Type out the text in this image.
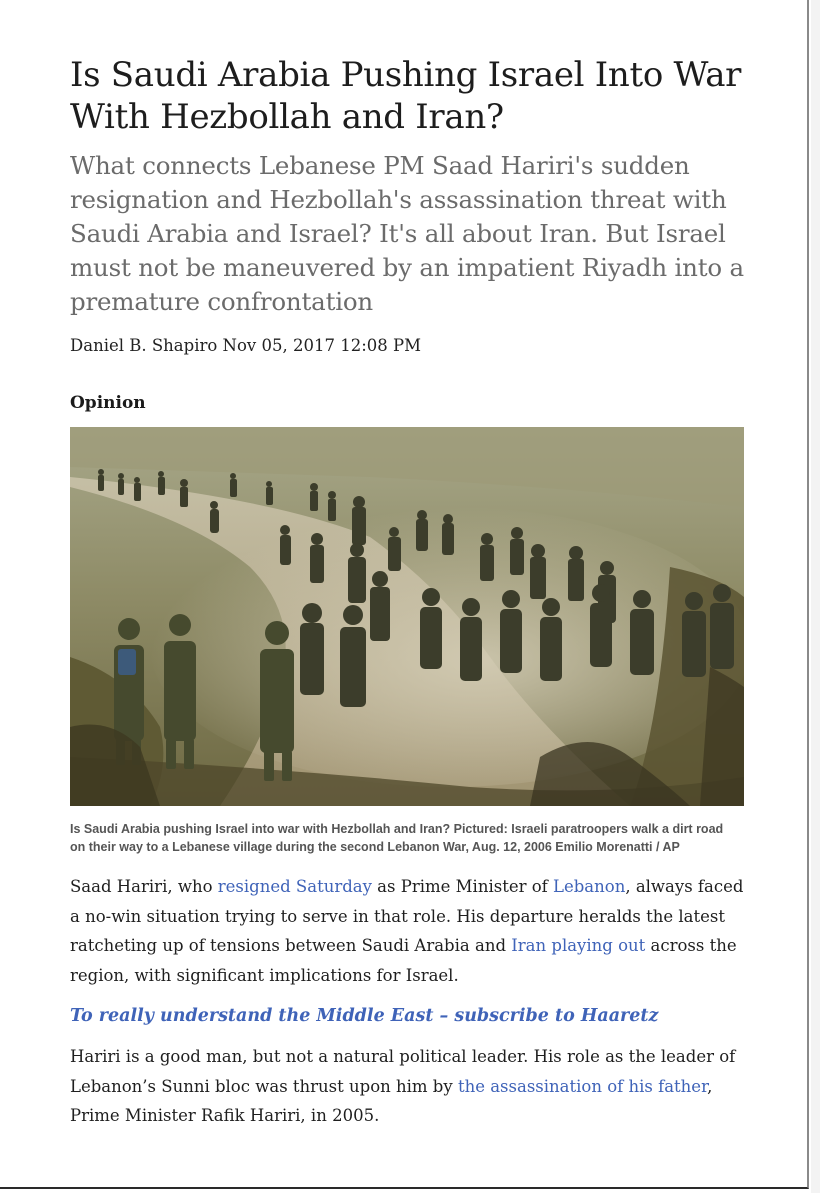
Is Saudi Arabia Pushing Israel Into War With Hezbollah and Iran?

What connects Lebanese PM Saad Hariri's sudden resignation and Hezbollah's assassination threat with Saudi Arabia and Israel? It's all about Iran. But Israel must not be maneuvered by an impatient Riyadh into a premature confrontation

Daniel B. Shapiro Nov 05, 2017 12:08 PM
Opinion
Is Saudi Arabia pushing Israel into war with Hezbollah and Iran? Pictured: Israeli paratroopers walk a dirt road on their way to a Lebanese village during the second Lebanon War, Aug. 12, 2006 Emilio Morenatti / AP

Saad Hariri, who resigned Saturday as Prime Minister of Lebanon, always faced a no-win situation trying to serve in that role. His departure heralds the latest ratcheting up of tensions between Saudi Arabia and Iran playing out across the region, with significant implications for Israel.

To really understand the Middle East – subscribe to Haaretz

Hariri is a good man, but not a natural political leader. His role as the leader of Lebanon’s Sunni bloc was thrust upon him by the assassination of his father, Prime Minister Rafik Hariri, in 2005.
